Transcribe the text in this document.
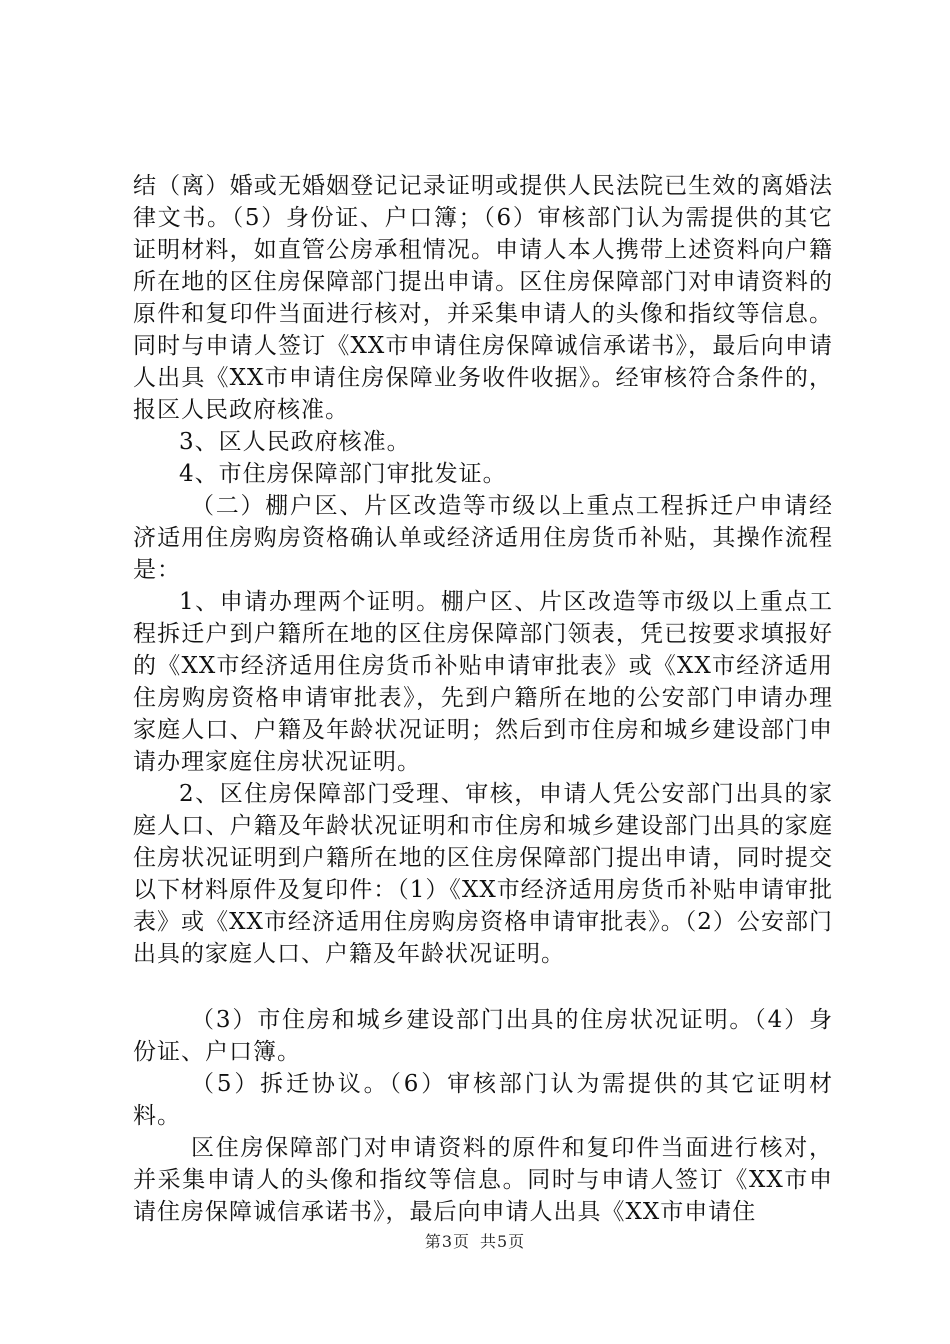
结（离）婚或无婚姻登记记录证明或提供人民法院已生效的离婚法律文书。（5）身份证、户口簿；（6）审核部门认为需提供的其它证明材料，如直管公房承租情况。申请人本人携带上述资料向户籍所在地的区住房保障部门提出申请。区住房保障部门对申请资料的原件和复印件当面进行核对，并采集申请人的头像和指纹等信息。同时与申请人签订《XX市申请住房保障诚信承诺书》，最后向申请人出具《XX市申请住房保障业务收件收据》。经审核符合条件的，报区人民政府核准。

3、区人民政府核准。

4、市住房保障部门审批发证。

（二）棚户区、片区改造等市级以上重点工程拆迁户申请经济适用住房购房资格确认单或经济适用住房货币补贴，其操作流程是：

1、申请办理两个证明。棚户区、片区改造等市级以上重点工程拆迁户到户籍所在地的区住房保障部门领表，凭已按要求填报好的《XX市经济适用住房货币补贴申请审批表》或《XX市经济适用住房购房资格申请审批表》，先到户籍所在地的公安部门申请办理家庭人口、户籍及年龄状况证明；然后到市住房和城乡建设部门申请办理家庭住房状况证明。

2、区住房保障部门受理、审核，申请人凭公安部门出具的家庭人口、户籍及年龄状况证明和市住房和城乡建设部门出具的家庭住房状况证明到户籍所在地的区住房保障部门提出申请，同时提交以下材料原件及复印件：（1）《XX市经济适用房货币补贴申请审批表》或《XX市经济适用住房购房资格申请审批表》。（2）公安部门出具的家庭人口、户籍及年龄状况证明。

（3）市住房和城乡建设部门出具的住房状况证明。（4）身份证、户口簿。

（5）拆迁协议。（6）审核部门认为需提供的其它证明材料。

区住房保障部门对申请资料的原件和复印件当面进行核对，并采集申请人的头像和指纹等信息。同时与申请人签订《XX市申请住房保障诚信承诺书》，最后向申请人出具《XX市申请住

第3页 共5页
